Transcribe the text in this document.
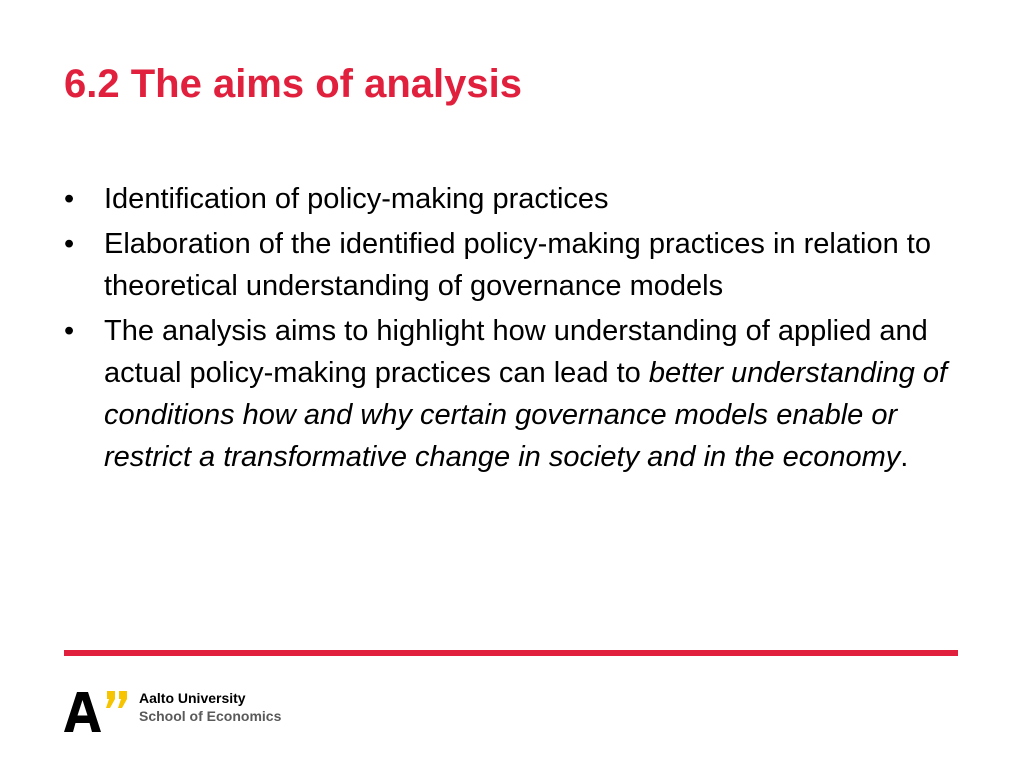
6.2 The aims of analysis
•	Identification of policy-making practices
•	Elaboration of the identified policy-making practices in relation to theoretical understanding of governance models
•	The analysis aims to highlight how understanding of applied and actual policy-making practices can lead to better understanding of conditions how and why certain governance models enable or restrict a transformative change in society and in the economy.
Aalto University
School of Economics
